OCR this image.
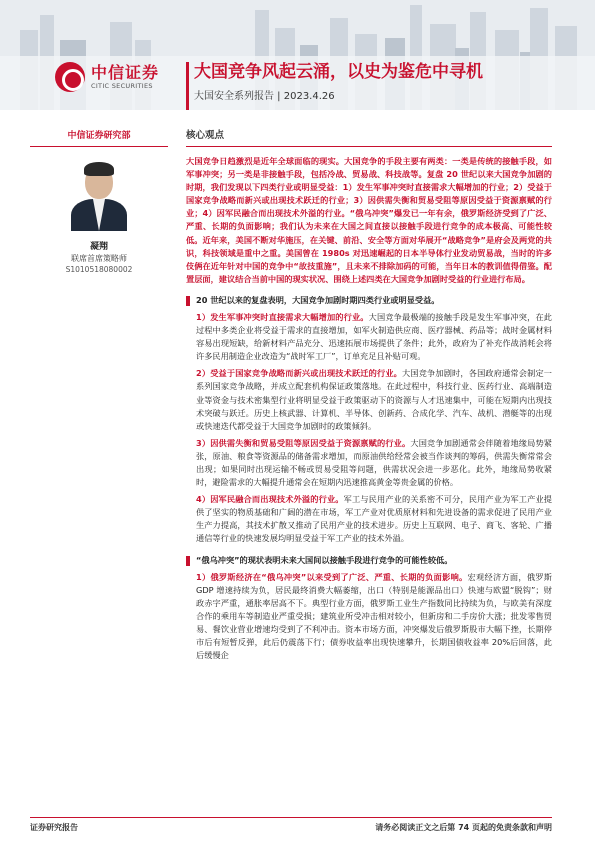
中信证券
CITIC SECURITIES
大国竞争风起云涌，以史为鉴危中寻机
大国安全系列报告 | 2023.4.26
中信证券研究部
凝翔
联席首席策略师
S1010518080002
核心观点
大国竞争日趋激烈是近年全球面临的现实。大国竞争的手段主要有两类：一类是传统的接触手段，如军事冲突；另一类是非接触手段，包括冷战、贸易战、科技战等。复盘 20 世纪以来大国竞争加剧的时期，我们发现以下四类行业或明显受益：1）发生军事冲突时直接需求大幅增加的行业；2）受益于国家竞争战略而新兴或出现技术跃迁的行业；3）因供需失衡和贸易受阻等原因受益于资源禀赋的行业；4）因军民融合而出现技术外溢的行业。“俄乌冲突”爆发已一年有余，俄罗斯经济受到了广泛、严重、长期的负面影响；我们认为未来在大国之间直接以接触手段进行竞争的成本极高、可能性较低。近年来，美国不断对华施压，在关键、前沿、安全等方面对华展开“战略竞争”是府会及两党的共识，科技领域是重中之重。美国曾在 1980s 对迅速崛起的日本半导体行业发动贸易战，当时的许多伎俩在近年针对中国的竞争中“故技重施”，且未来不排除加码的可能，当年日本的教训值得借鉴。配置层面，建议结合当前中国的现实状况、围绕上述四类在大国竞争加剧时受益的行业进行布局。
20 世纪以来的复盘表明，大国竞争加剧时期四类行业或明显受益。
1）发生军事冲突时直接需求大幅增加的行业。大国竞争最极端的接触手段是发生军事冲突，在此过程中多类企业将受益于需求的直接增加，如军火制造供应商、医疗器械、药品等；战时金属材料容易出现短缺，给新材料产品充分、迅速拓展市场提供了条件；此外，政府为了补充作战消耗会将许多民用制造企业改造为“战时军工厂”，订单充足且补贴可观。
2）受益于国家竞争战略而新兴或出现技术跃迁的行业。大国竞争加剧时，各国政府通常会制定一系列国家竞争战略，并成立配套机构保证政策落地。在此过程中，科技行业、医药行业、高端制造业等资金与技术密集型行业将明显受益于政策驱动下的资源与人才迅速集中，可能在短期内出现技术突破与跃迁。历史上核武器、计算机、半导体、创新药、合成化学、汽车、战机、潜艇等的出现或快速迭代都受益于大国竞争加剧时的政策倾斜。
3）因供需失衡和贸易受阻等原因受益于资源禀赋的行业。大国竞争加剧通常会伴随着地缘局势紧张，原油、粮食等资源品的储备需求增加，而原油供给经常会被当作谈判的筹码，供需失衡常常会出现；如果同时出现运输不畅或贸易受阻等问题，供需状况会进一步恶化。此外，地缘局势收紧时，避险需求的大幅提升通常会在短期内迅速推高黄金等贵金属的价格。
4）因军民融合而出现技术外溢的行业。军工与民用产业的关系密不可分，民用产业为军工产业提供了坚实的物质基础和广阔的潜在市场，军工产业对优质原材料和先进设备的需求促进了民用产业生产力提高，其技术扩散又推动了民用产业的技术进步。历史上互联网、电子、商飞、客轮、广播通信等行业的快速发展均明显受益于军工产业的技术外溢。
“俄乌冲突”的现状表明未来大国间以接触手段进行竞争的可能性较低。
1）俄罗斯经济在“俄乌冲突”以来受到了广泛、严重、长期的负面影响。宏观经济方面，俄罗斯 GDP 增速持续为负，居民最终消费大幅萎缩，出口（特别是能源品出口）快速与欧盟“脱钩”；财政赤字严重，通胀率居高不下。典型行业方面，俄罗斯工业生产指数同比持续为负，与欧美有深度合作的乘用车等制造业严重受损；建筑业所受冲击相对较小，但新房和二手房价大涨；批发零售贸易、餐饮业营业增速均受到了不利冲击。资本市场方面，冲突爆发后俄罗斯股市大幅下挫，长期停市后有短暂反弹，此后仍震荡下行；债券收益率出现快速攀升，长期国债收益率 20%后回落，此后缓慢企
证券研究报告	请务必阅读正文之后第 74 页起的免责条款和声明
